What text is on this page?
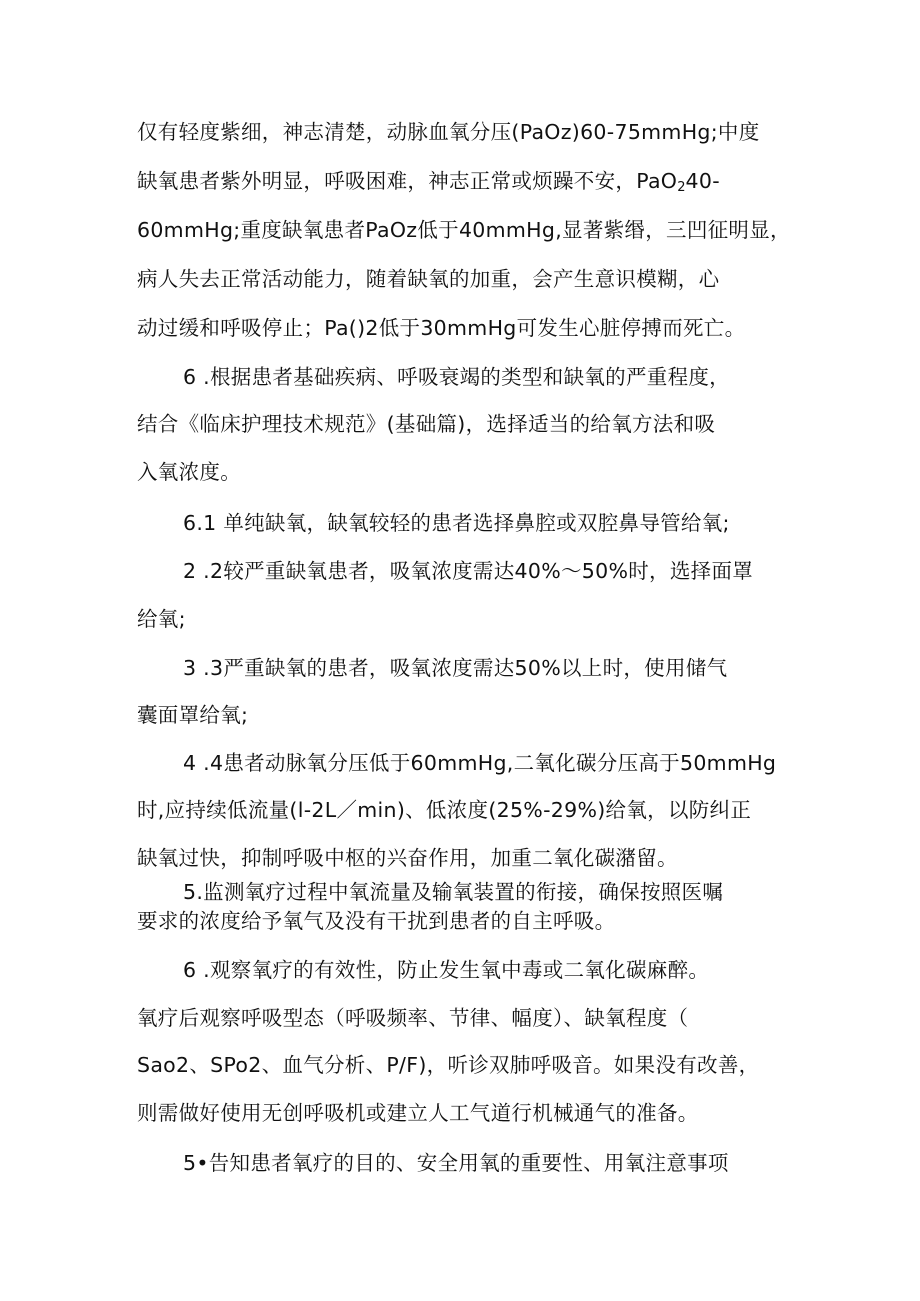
仅有轻度紫细，神志清楚，动脉血氧分压(PaOz)60-75mmHg;中度
缺氧患者紫外明显，呼吸困难，神志正常或烦躁不安，PaO$_2$40-
60mmHg;重度缺氧患者PaOz低于40mmHg,显著紫缗，三凹征明显，
病人失去正常活动能力，随着缺氧的加重，会产生意识模糊，心
动过缓和呼吸停止；Pa()2低于30mmHg可发生心脏停搏而死亡。
6 .根据患者基础疾病、呼吸衰竭的类型和缺氧的严重程度，
结合《临床护理技术规范》(基础篇)，选择适当的给氧方法和吸
入氧浓度。
6.1 单纯缺氧，缺氧较轻的患者选择鼻腔或双腔鼻导管给氧;
2 .2较严重缺氧患者，吸氧浓度需达40%～50%时，选择面罩
给氧;
3 .3严重缺氧的患者，吸氧浓度需达50%以上时，使用储气
囊面罩给氧;
4 .4患者动脉氧分压低于60mmHg,二氧化碳分压高于50mmHg
时,应持续低流量(l-2L／min)、低浓度(25%-29%)给氧，以防纠正
缺氧过快，抑制呼吸中枢的兴奋作用，加重二氧化碳潴留。
5.监测氧疗过程中氧流量及输氧装置的衔接，确保按照医嘱
要求的浓度给予氧气及没有干扰到患者的自主呼吸。
6 .观察氧疗的有效性，防止发生氧中毒或二氧化碳麻醉。
氧疗后观察呼吸型态（呼吸频率、节律、幅度）、缺氧程度（
Sao2、SPo2、血气分析、P/F)，听诊双肺呼吸音。如果没有改善，
则需做好使用无创呼吸机或建立人工气道行机械通气的准备。
5•告知患者氧疗的目的、安全用氧的重要性、用氧注意事项
